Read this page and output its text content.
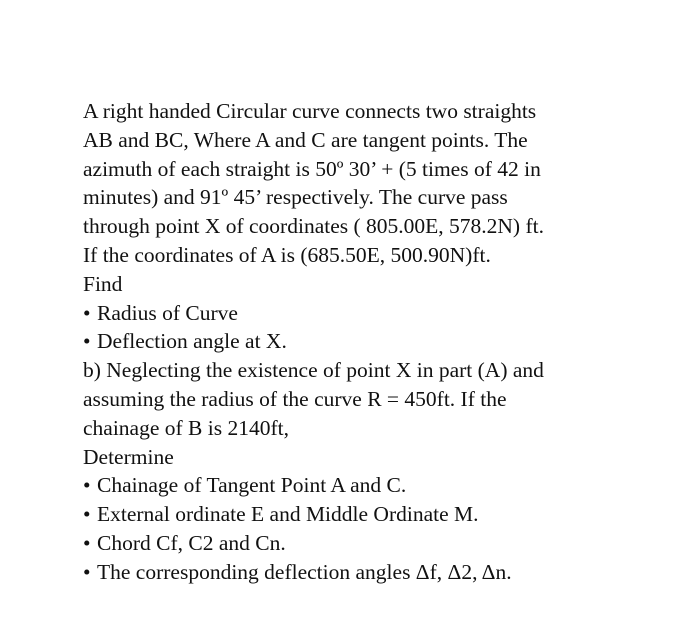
A right handed Circular curve connects two straights
AB and BC, Where A and C are tangent points. The
azimuth of each straight is 50º 30’ + (5 times of 42 in
minutes) and 91º 45’ respectively. The curve pass
through point X of coordinates ( 805.00E, 578.2N) ft.
If the coordinates of A is (685.50E, 500.90N)ft.
Find
• Radius of Curve
• Deflection angle at X.
b) Neglecting the existence of point X in part (A) and
assuming the radius of the curve R = 450ft. If the
chainage of B is 2140ft,
Determine
• Chainage of Tangent Point A and C.
• External ordinate E and Middle Ordinate M.
• Chord Cf, C2 and Cn.
• The corresponding deflection angles Δf, Δ2, Δn.
